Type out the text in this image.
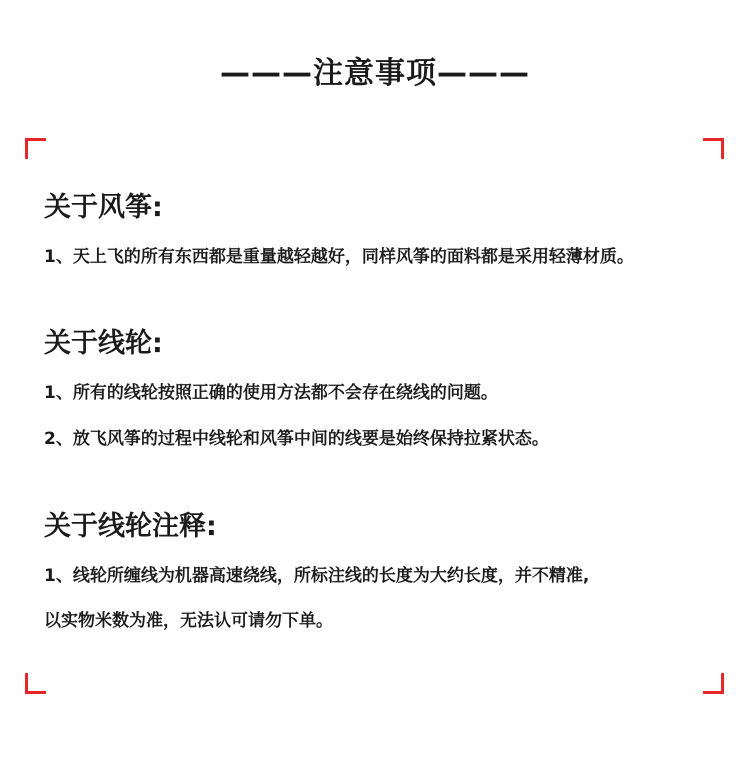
———注意事项———
关于风筝:
1、天上飞的所有东西都是重量越轻越好，同样风筝的面料都是采用轻薄材质。
关于线轮:
1、所有的线轮按照正确的使用方法都不会存在绕线的问题。
2、放飞风筝的过程中线轮和风筝中间的线要是始终保持拉紧状态。
关于线轮注释:
1、线轮所缠线为机器高速绕线，所标注线的长度为大约长度，并不精准,
以实物米数为准，无法认可请勿下单。
